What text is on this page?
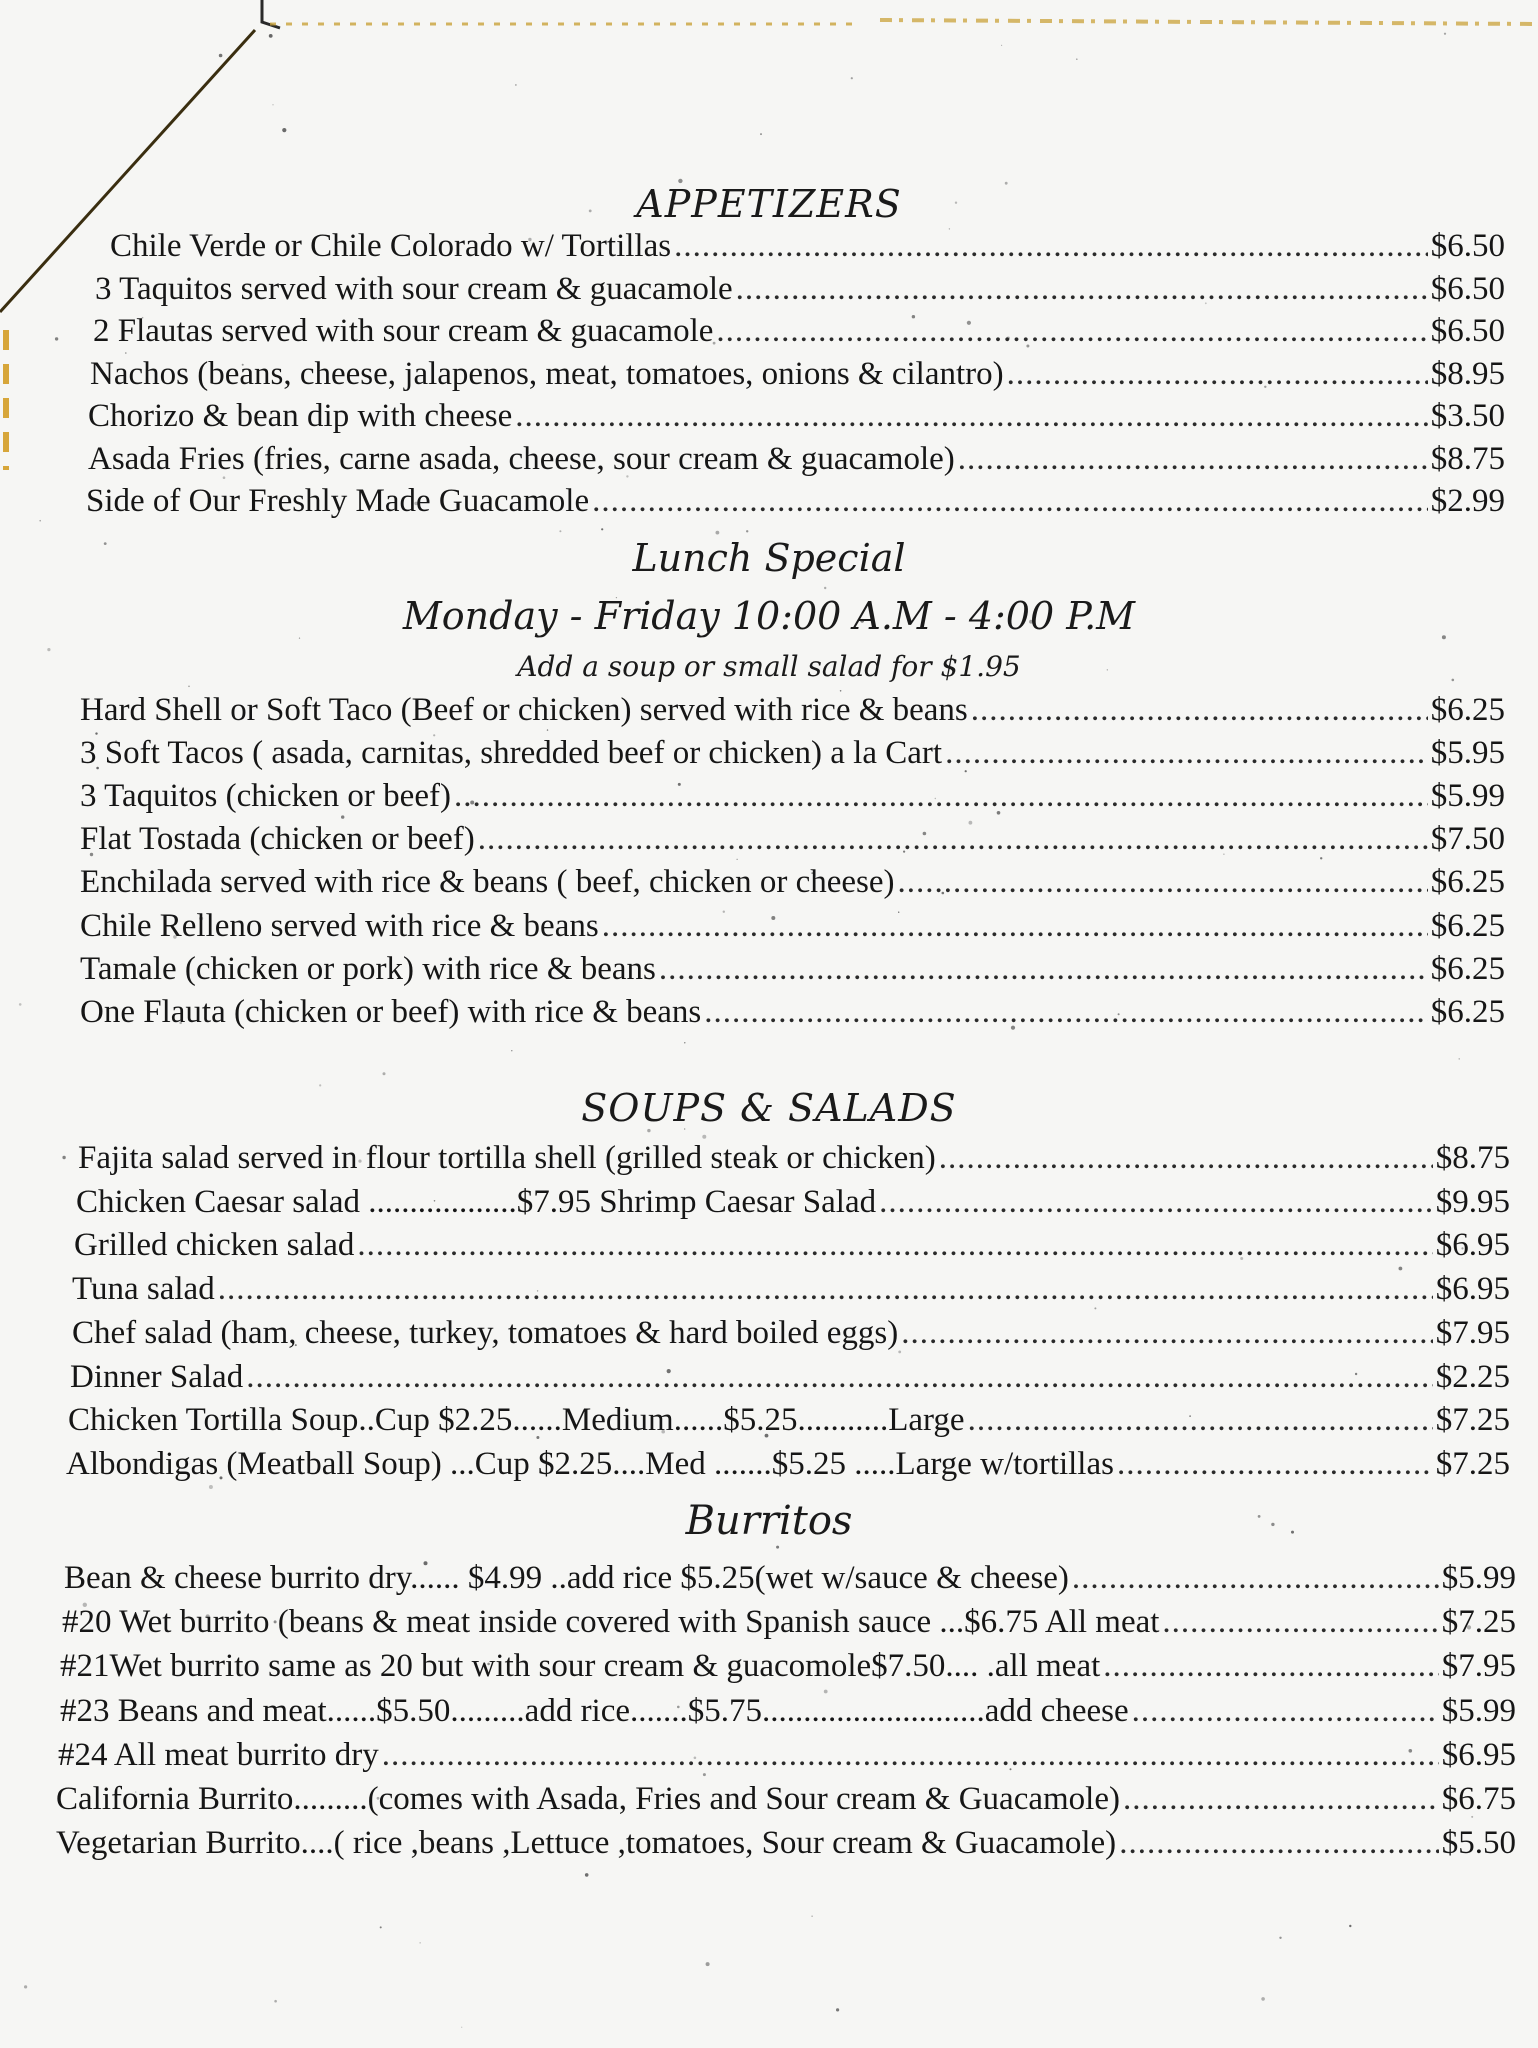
APPETIZERS
Chile Verde or Chile Colorado w/ Tortillas .....	$6.50
3 Taquitos served with sour cream & guacamole .....	$6.50
2 Flautas served with sour cream & guacamole .....	$6.50
Nachos (beans, cheese, jalapenos, meat, tomatoes, onions & cilantro) .....	$8.95
Chorizo & bean dip with cheese .....	$3.50
Asada Fries (fries, carne asada, cheese, sour cream & guacamole) .....	$8.75
Side of Our Freshly Made Guacamole .....	$2.99
Lunch Special
Monday - Friday 10:00 A.M - 4:00 P.M
Add a soup or small salad for $1.95
Hard Shell or Soft Taco (Beef or chicken) served with rice & beans .....	$6.25
3 Soft Tacos ( asada, carnitas, shredded beef or chicken) a la Cart .....	$5.95
3 Taquitos (chicken or beef) .....	$5.99
Flat Tostada (chicken or beef) .....	$7.50
Enchilada served with rice & beans ( beef, chicken or cheese) .....	$6.25
Chile Relleno served with rice & beans .....	$6.25
Tamale (chicken or pork) with rice & beans .....	$6.25
One Flauta (chicken or beef) with rice & beans .....	$6.25
SOUPS & SALADS
Fajita salad served in flour tortilla shell (grilled steak or chicken) .....	$8.75
Chicken Caesar salad ..................$7.95 Shrimp Caesar Salad .....	$9.95
Grilled chicken salad .....	$6.95
Tuna salad .....	$6.95
Chef salad (ham, cheese, turkey, tomatoes & hard boiled eggs) .....	$7.95
Dinner Salad .....	$2.25
Chicken Tortilla Soup..Cup $2.25......Medium......$5.25...........Large .....	$7.25
Albondigas (Meatball Soup) ...Cup $2.25....Med .......$5.25 .....Large w/tortillas .....	$7.25
Burritos
Bean & cheese burrito dry...... $4.99 ..add rice $5.25(wet w/sauce & cheese) .....	$5.99
#20 Wet burrito (beans & meat inside covered with Spanish sauce ...$6.75 All meat .....	$7.25
#21Wet burrito same as 20 but with sour cream & guacomole$7.50.... .all meat .....	$7.95
#23 Beans and meat......$5.50.........add rice.......$5.75...........................add cheese .....	$5.99
#24 All meat burrito dry .....	$6.95
California Burrito.........(comes with Asada, Fries and Sour cream & Guacamole) .....	$6.75
Vegetarian Burrito....( rice ,beans ,Lettuce ,tomatoes, Sour cream & Guacamole) .....	$5.50
